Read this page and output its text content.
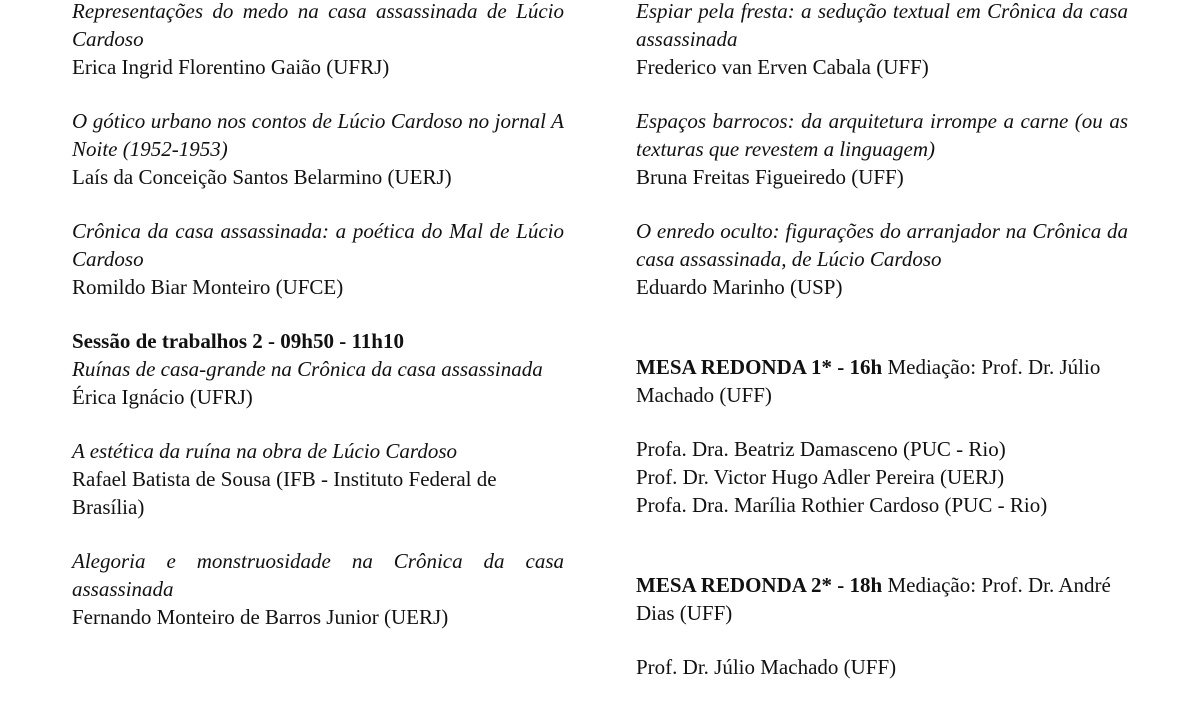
Representações do medo na casa assassinada de Lúcio Cardoso

Erica Ingrid Florentino Gaião (UFRJ)

O gótico urbano nos contos de Lúcio Cardoso no jornal A Noite (1952-1953)

Laís da Conceição Santos Belarmino (UERJ)

Crônica da casa assassinada: a poética do Mal de Lúcio Cardoso

Romildo Biar Monteiro (UFCE)

Sessão de trabalhos 2 - 09h50 - 11h10

Ruínas de casa-grande na Crônica da casa assassinada

Érica Ignácio (UFRJ)

A estética da ruína na obra de Lúcio Cardoso

Rafael Batista de Sousa (IFB - Instituto Federal de Brasília)

Alegoria e monstruosidade na Crônica da casa assassinada

Fernando Monteiro de Barros Junior (UERJ)

Espiar pela fresta: a sedução textual em Crônica da casa assassinada

Frederico van Erven Cabala (UFF)

Espaços barrocos: da arquitetura irrompe a carne (ou as texturas que revestem a linguagem)

Bruna Freitas Figueiredo (UFF)

O enredo oculto: figurações do arranjador na Crônica da casa assassinada, de Lúcio Cardoso

Eduardo Marinho (USP)

MESA REDONDA 1* - 16h Mediação: Prof. Dr. Júlio Machado (UFF)

Profa. Dra. Beatriz Damasceno (PUC - Rio)

Prof. Dr. Victor Hugo Adler Pereira (UERJ)

Profa. Dra. Marília Rothier Cardoso (PUC - Rio)

MESA REDONDA 2* - 18h Mediação: Prof. Dr. André Dias (UFF)

Prof. Dr. Júlio Machado (UFF)
